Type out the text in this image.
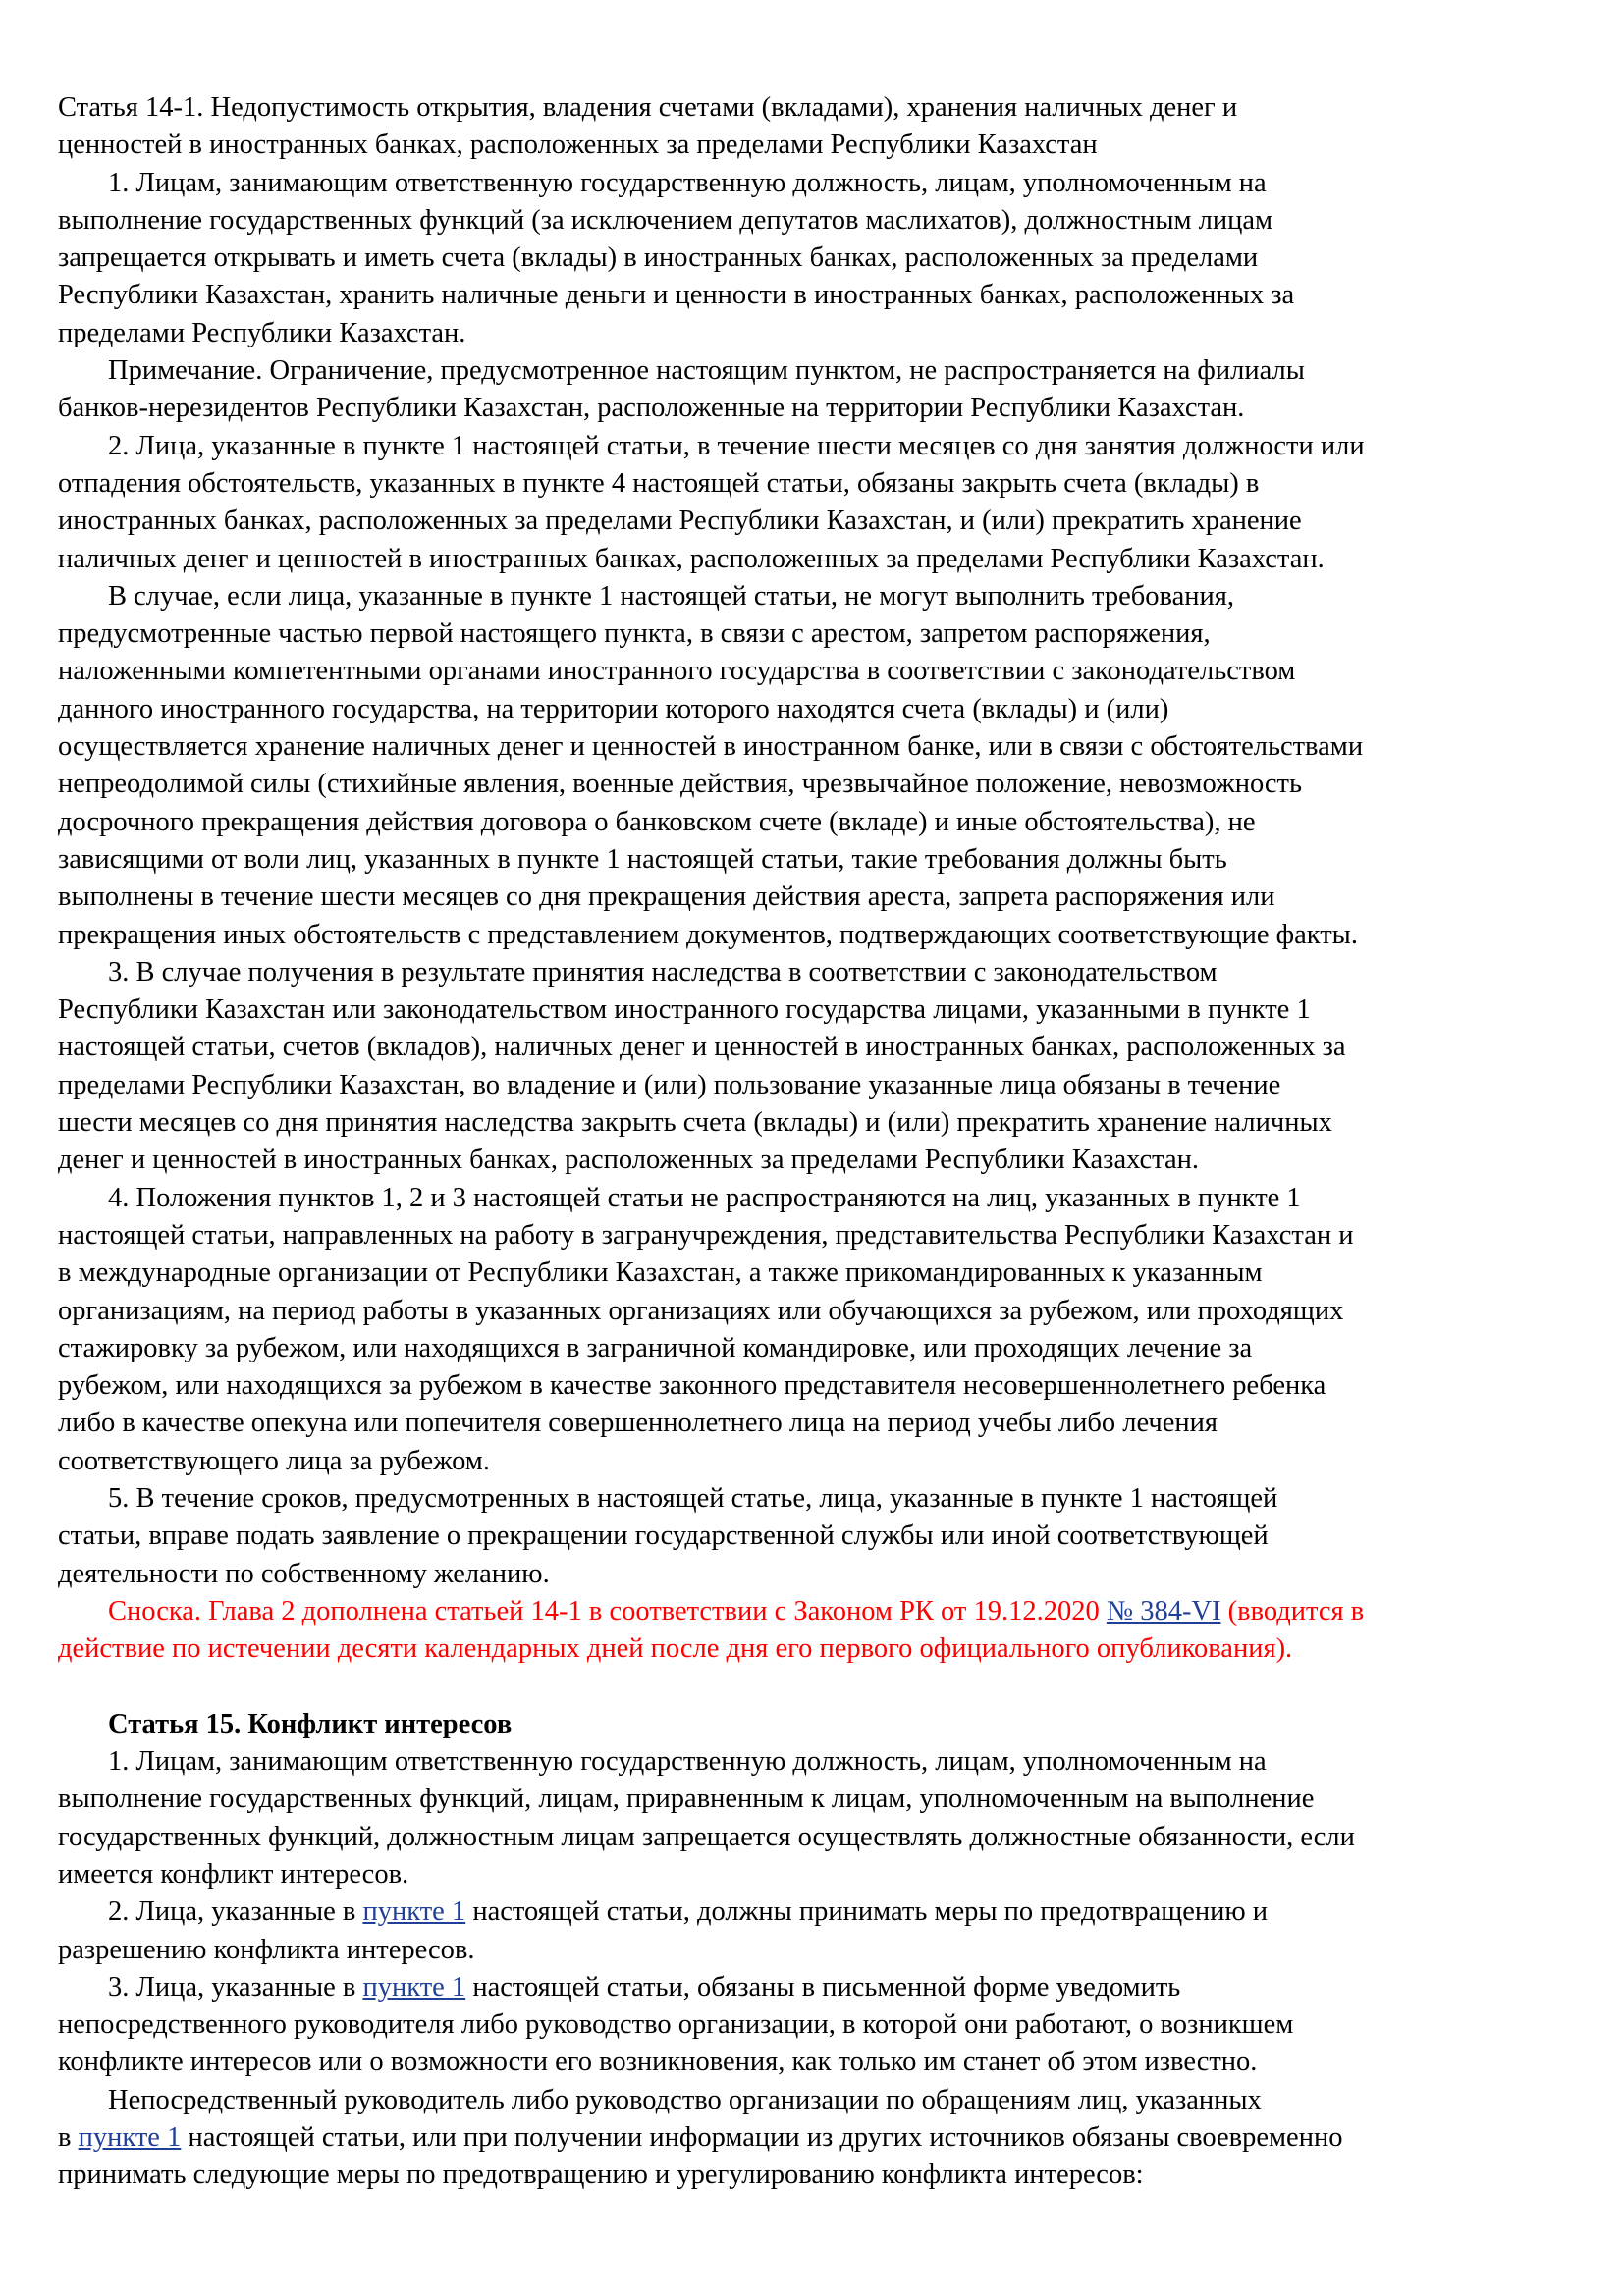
Статья 14-1. Недопустимость открытия, владения счетами (вкладами), хранения наличных денег и
ценностей в иностранных банках, расположенных за пределами Республики Казахстан
1. Лицам, занимающим ответственную государственную должность, лицам, уполномоченным на
выполнение государственных функций (за исключением депутатов маслихатов), должностным лицам
запрещается открывать и иметь счета (вклады) в иностранных банках, расположенных за пределами
Республики Казахстан, хранить наличные деньги и ценности в иностранных банках, расположенных за
пределами Республики Казахстан.
Примечание. Ограничение, предусмотренное настоящим пунктом, не распространяется на филиалы
банков-нерезидентов Республики Казахстан, расположенные на территории Республики Казахстан.
2. Лица, указанные в пункте 1 настоящей статьи, в течение шести месяцев со дня занятия должности или
отпадения обстоятельств, указанных в пункте 4 настоящей статьи, обязаны закрыть счета (вклады) в
иностранных банках, расположенных за пределами Республики Казахстан, и (или) прекратить хранение
наличных денег и ценностей в иностранных банках, расположенных за пределами Республики Казахстан.
В случае, если лица, указанные в пункте 1 настоящей статьи, не могут выполнить требования,
предусмотренные частью первой настоящего пункта, в связи с арестом, запретом распоряжения,
наложенными компетентными органами иностранного государства в соответствии с законодательством
данного иностранного государства, на территории которого находятся счета (вклады) и (или)
осуществляется хранение наличных денег и ценностей в иностранном банке, или в связи с обстоятельствами
непреодолимой силы (стихийные явления, военные действия, чрезвычайное положение, невозможность
досрочного прекращения действия договора о банковском счете (вкладе) и иные обстоятельства), не
зависящими от воли лиц, указанных в пункте 1 настоящей статьи, такие требования должны быть
выполнены в течение шести месяцев со дня прекращения действия ареста, запрета распоряжения или
прекращения иных обстоятельств с представлением документов, подтверждающих соответствующие факты.
3. В случае получения в результате принятия наследства в соответствии с законодательством
Республики Казахстан или законодательством иностранного государства лицами, указанными в пункте 1
настоящей статьи, счетов (вкладов), наличных денег и ценностей в иностранных банках, расположенных за
пределами Республики Казахстан, во владение и (или) пользование указанные лица обязаны в течение
шести месяцев со дня принятия наследства закрыть счета (вклады) и (или) прекратить хранение наличных
денег и ценностей в иностранных банках, расположенных за пределами Республики Казахстан.
4. Положения пунктов 1, 2 и 3 настоящей статьи не распространяются на лиц, указанных в пункте 1
настоящей статьи, направленных на работу в загранучреждения, представительства Республики Казахстан и
в международные организации от Республики Казахстан, а также прикомандированных к указанным
организациям, на период работы в указанных организациях или обучающихся за рубежом, или проходящих
стажировку за рубежом, или находящихся в заграничной командировке, или проходящих лечение за
рубежом, или находящихся за рубежом в качестве законного представителя несовершеннолетнего ребенка
либо в качестве опекуна или попечителя совершеннолетнего лица на период учебы либо лечения
соответствующего лица за рубежом.
5. В течение сроков, предусмотренных в настоящей статье, лица, указанные в пункте 1 настоящей
статьи, вправе подать заявление о прекращении государственной службы или иной соответствующей
деятельности по собственному желанию.
Сноска. Глава 2 дополнена статьей 14-1 в соответствии с Законом РК от 19.12.2020 № 384-VI (вводится в
действие по истечении десяти календарных дней после дня его первого официального опубликования).
Статья 15. Конфликт интересов
1. Лицам, занимающим ответственную государственную должность, лицам, уполномоченным на
выполнение государственных функций, лицам, приравненным к лицам, уполномоченным на выполнение
государственных функций, должностным лицам запрещается осуществлять должностные обязанности, если
имеется конфликт интересов.
2. Лица, указанные в пункте 1 настоящей статьи, должны принимать меры по предотвращению и
разрешению конфликта интересов.
3. Лица, указанные в пункте 1 настоящей статьи, обязаны в письменной форме уведомить
непосредственного руководителя либо руководство организации, в которой они работают, о возникшем
конфликте интересов или о возможности его возникновения, как только им станет об этом известно.
Непосредственный руководитель либо руководство организации по обращениям лиц, указанных
в пункте 1 настоящей статьи, или при получении информации из других источников обязаны своевременно
принимать следующие меры по предотвращению и урегулированию конфликта интересов:
